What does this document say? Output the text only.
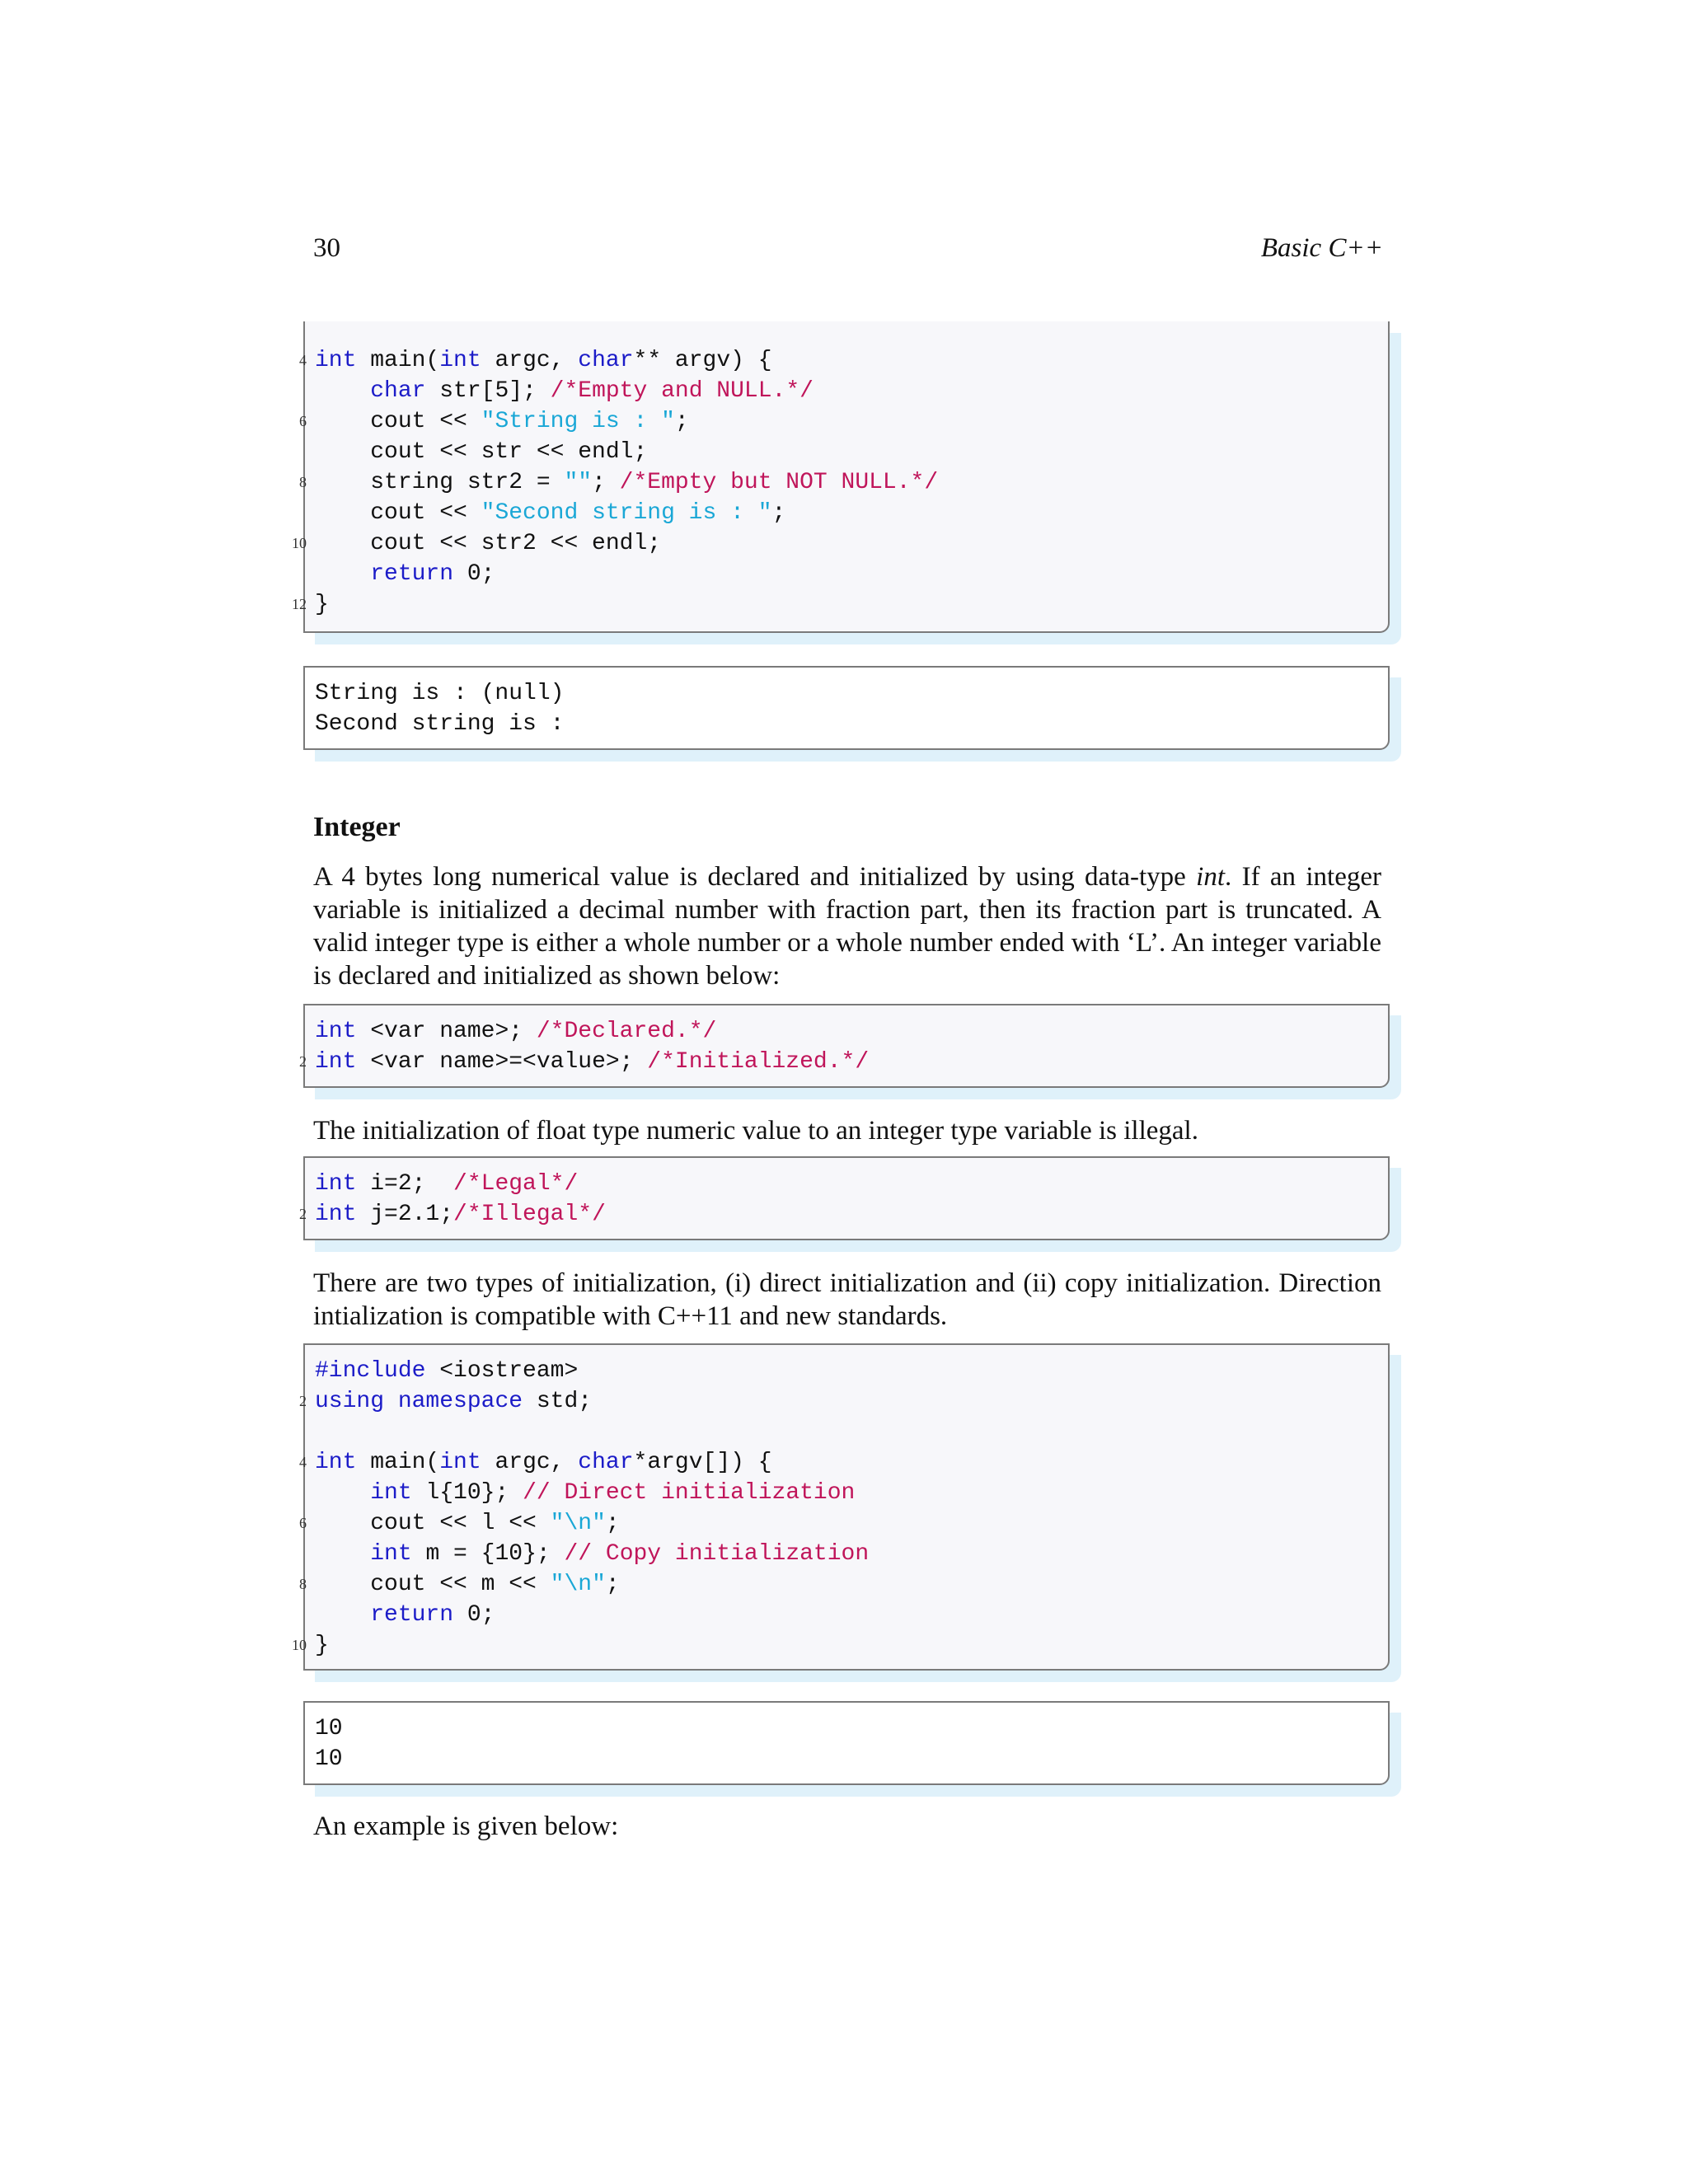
30	Basic C++
4 int main(int argc, char** argv) {
char str[5]; /*Empty and NULL.*/
6 cout << "String is : ";
cout << str << endl;
8 string str2 = ""; /*Empty but NOT NULL.*/
cout << "Second string is : ";
10 cout << str2 << endl;
return 0;
12 }
String is : (null)
Second string is :
Integer
A 4 bytes long numerical value is declared and initialized by using data-type int. If an integer variable is initialized a decimal number with fraction part, then its fraction part is truncated. A valid integer type is either a whole number or a whole number ended with ‘L’. An integer variable is declared and initialized as shown below:
int <var name>; /*Declared.*/
2 int <var name>=<value>; /*Initialized.*/
The initialization of float type numeric value to an integer type variable is illegal.
int i=2;  /*Legal*/
2 int j=2.1;/*Illegal*/
There are two types of initialization, (i) direct initialization and (ii) copy initialization. Direction intialization is compatible with C++11 and new standards.
#include <iostream>
2 using namespace std;
4 int main(int argc, char*argv[]) {
int l{10}; // Direct initialization
6 cout << l << "\n";
int m = {10}; // Copy initialization
8 cout << m << "\n";
return 0;
10 }
10
10
An example is given below:
